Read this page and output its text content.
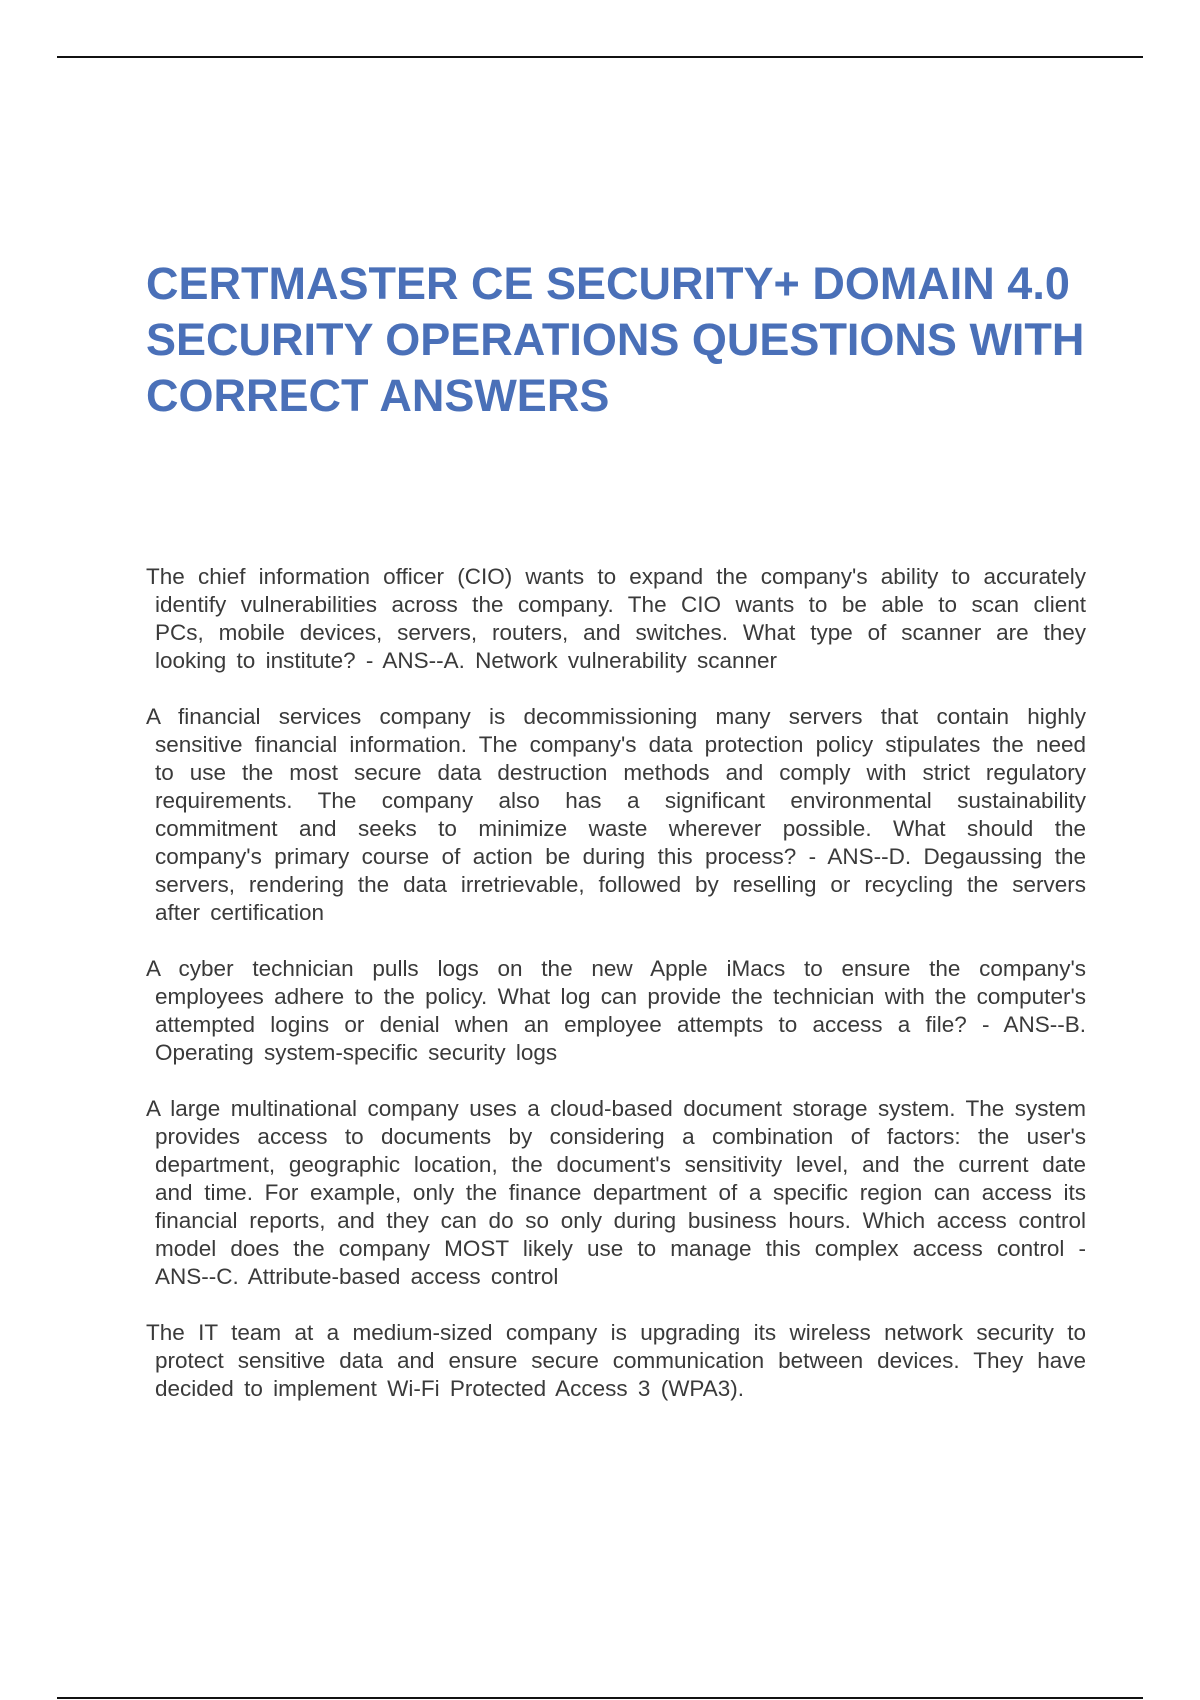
CERTMASTER CE SECURITY+ DOMAIN 4.0 SECURITY OPERATIONS QUESTIONS WITH CORRECT ANSWERS

The chief information officer (CIO) wants to expand the company's ability to accurately identify vulnerabilities across the company. The CIO wants to be able to scan client PCs, mobile devices, servers, routers, and switches. What type of scanner are they looking to institute? - ANS--A. Network vulnerability scanner

A financial services company is decommissioning many servers that contain highly sensitive financial information. The company's data protection policy stipulates the need to use the most secure data destruction methods and comply with strict regulatory requirements. The company also has a significant environmental sustainability commitment and seeks to minimize waste wherever possible. What should the company's primary course of action be during this process? - ANS--D. Degaussing the servers, rendering the data irretrievable, followed by reselling or recycling the servers after certification

A cyber technician pulls logs on the new Apple iMacs to ensure the company's employees adhere to the policy. What log can provide the technician with the computer's attempted logins or denial when an employee attempts to access a file? - ANS--B. Operating system-specific security logs

A large multinational company uses a cloud-based document storage system. The system provides access to documents by considering a combination of factors: the user's department, geographic location, the document's sensitivity level, and the current date and time. For example, only the finance department of a specific region can access its financial reports, and they can do so only during business hours. Which access control model does the company MOST likely use to manage this complex access control - ANS--C. Attribute-based access control

The IT team at a medium-sized company is upgrading its wireless network security to protect sensitive data and ensure secure communication between devices. They have decided to implement Wi-Fi Protected Access 3 (WPA3).
